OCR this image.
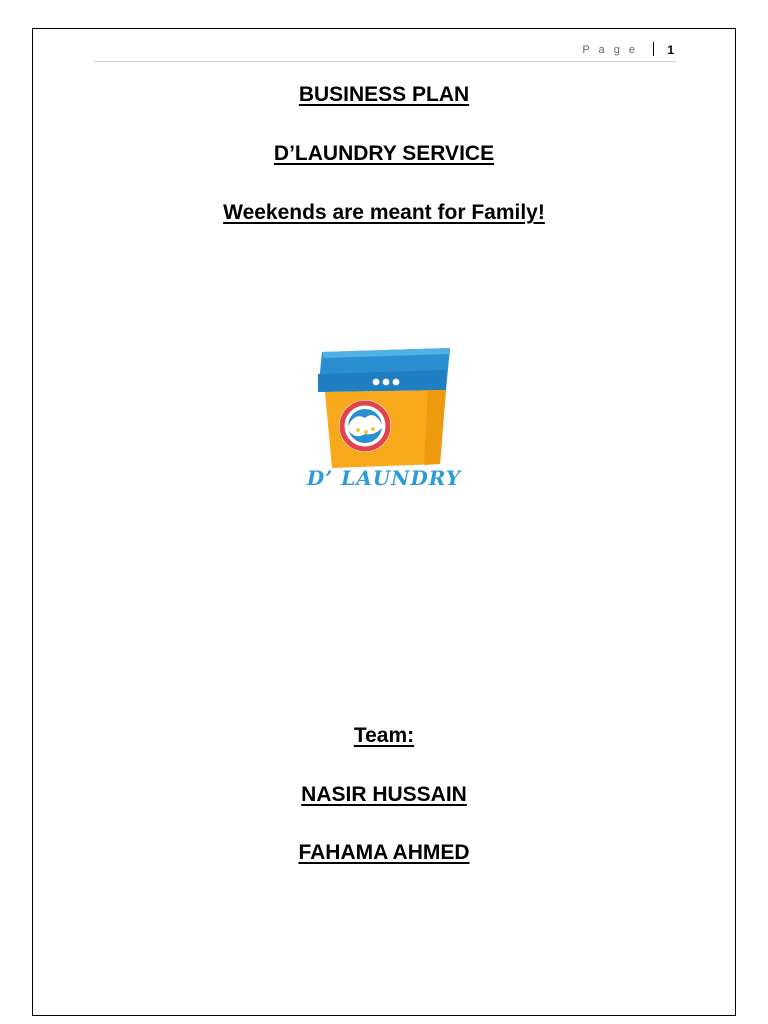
P a g e 1
BUSINESS PLAN
D’LAUNDRY SERVICE
Weekends are meant for Family!
D’ LAUNDRY
Team:
NASIR HUSSAIN
FAHAMA AHMED
